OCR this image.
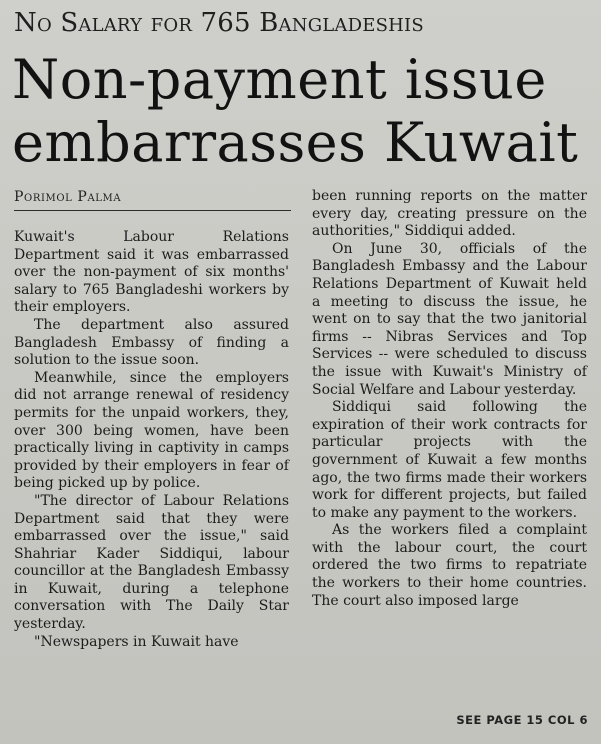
No Salary for 765 Bangladeshis
Non-payment issue embarrasses Kuwait
Porimol Palma

Kuwait's Labour Relations Department said it was embarrassed over the non-payment of six months' salary to 765 Bangladeshi workers by their employers.

The department also assured Bangladesh Embassy of finding a solution to the issue soon.

Meanwhile, since the employers did not arrange renewal of residency permits for the unpaid workers, they, over 300 being women, have been practically living in captivity in camps provided by their employers in fear of being picked up by police.

"The director of Labour Relations Department said that they were embarrassed over the issue," said Shahriar Kader Siddiqui, labour councillor at the Bangladesh Embassy in Kuwait, during a telephone conversation with The Daily Star yesterday.

"Newspapers in Kuwait have

been running reports on the matter every day, creating pressure on the authorities," Siddiqui added.

On June 30, officials of the Bangladesh Embassy and the Labour Relations Department of Kuwait held a meeting to discuss the issue, he went on to say that the two janitorial firms -- Nibras Services and Top Services -- were scheduled to discuss the issue with Kuwait's Ministry of Social Welfare and Labour yesterday.

Siddiqui said following the expiration of their work contracts for particular projects with the government of Kuwait a few months ago, the two firms made their workers work for different projects, but failed to make any payment to the workers.

As the workers filed a complaint with the labour court, the court ordered the two firms to repatriate the workers to their home countries. The court also imposed large

SEE PAGE 15 COL 6
